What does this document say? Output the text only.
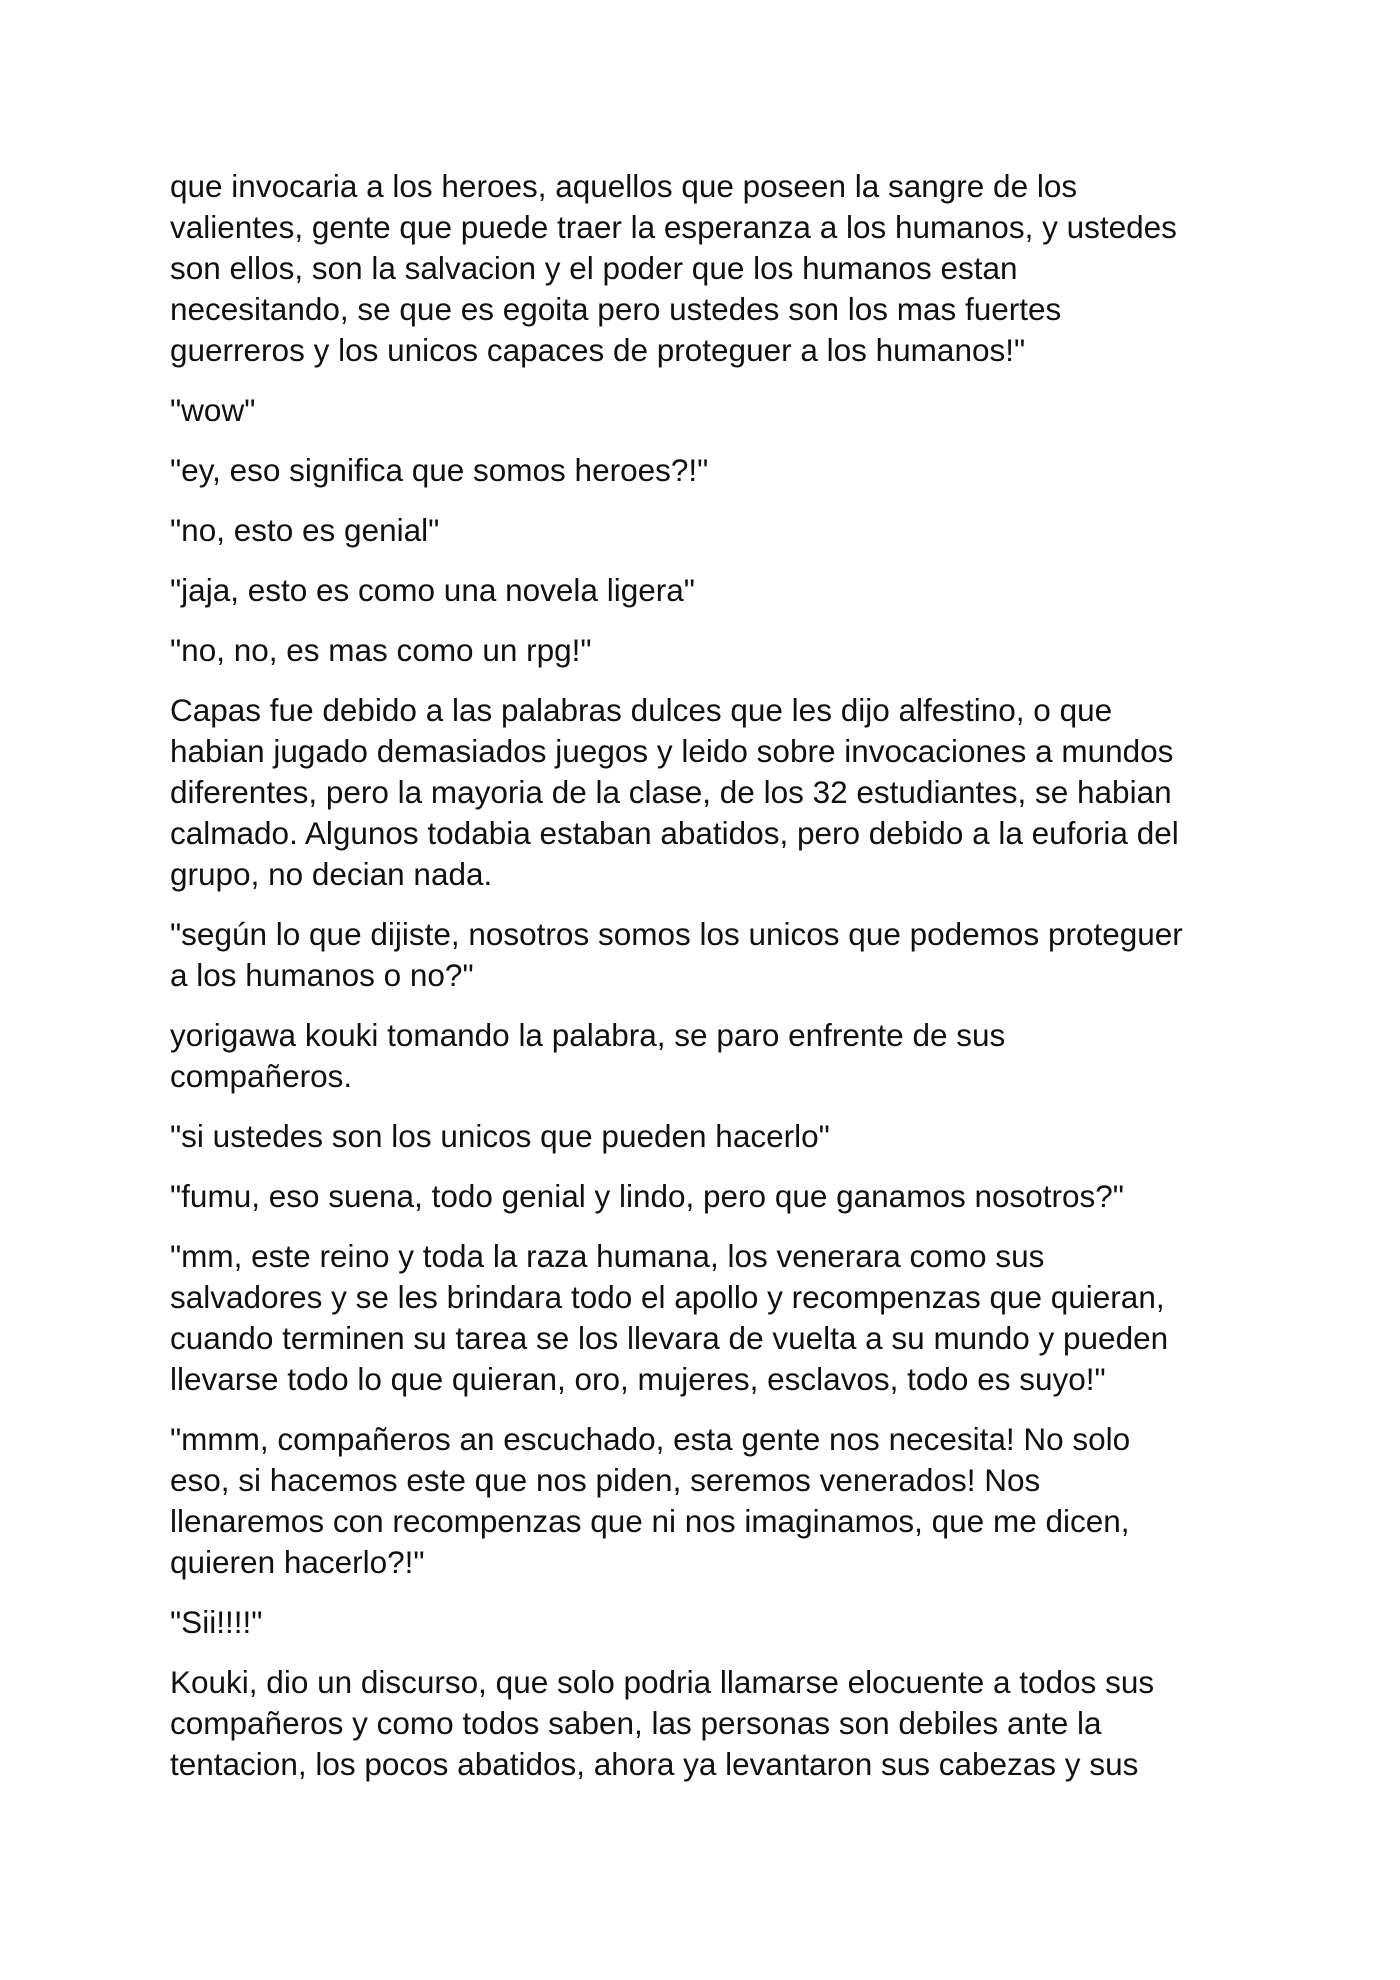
que invocaria a los heroes, aquellos que poseen la sangre de los
valientes, gente que puede traer la esperanza a los humanos, y ustedes
son ellos, son la salvacion y el poder que los humanos estan
necesitando, se que es egoita pero ustedes son los mas fuertes
guerreros y los unicos capaces de proteguer a los humanos!"

"wow"

"ey, eso significa que somos heroes?!"

"no, esto es genial"

"jaja, esto es como una novela ligera"

"no, no, es mas como un rpg!"

Capas fue debido a las palabras dulces que les dijo alfestino, o que
habian jugado demasiados juegos y leido sobre invocaciones a mundos
diferentes, pero la mayoria de la clase, de los 32 estudiantes, se habian
calmado. Algunos todabia estaban abatidos, pero debido a la euforia del
grupo, no decian nada.

"según lo que dijiste, nosotros somos los unicos que podemos proteguer
a los humanos o no?"

yorigawa kouki tomando la palabra, se paro enfrente de sus
compañeros.

"si ustedes son los unicos que pueden hacerlo"

"fumu, eso suena, todo genial y lindo, pero que ganamos nosotros?"

"mm, este reino y toda la raza humana, los venerara como sus
salvadores y se les brindara todo el apollo y recompenzas que quieran,
cuando terminen su tarea se los llevara de vuelta a su mundo y pueden
llevarse todo lo que quieran, oro, mujeres, esclavos, todo es suyo!"

"mmm, compañeros an escuchado, esta gente nos necesita! No solo
eso, si hacemos este que nos piden, seremos venerados! Nos
llenaremos con recompenzas que ni nos imaginamos, que me dicen,
quieren hacerlo?!"

"Sii!!!!"

Kouki, dio un discurso, que solo podria llamarse elocuente a todos sus
compañeros y como todos saben, las personas son debiles ante la
tentacion, los pocos abatidos, ahora ya levantaron sus cabezas y sus
